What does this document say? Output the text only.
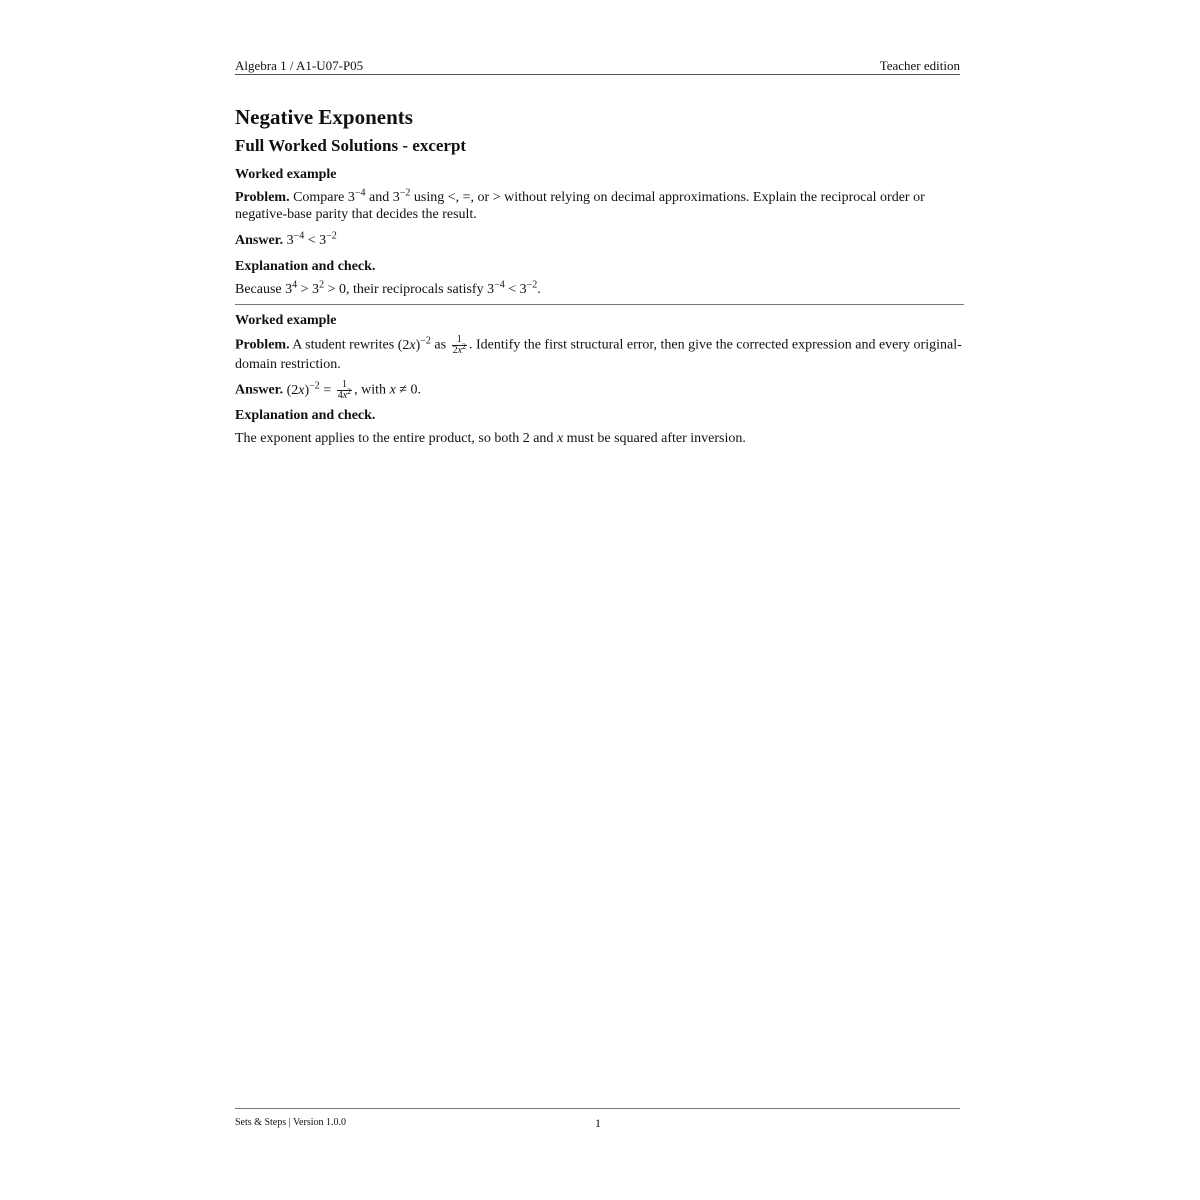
Algebra 1 / A1-U07-P05	Teacher edition
Negative Exponents
Full Worked Solutions - excerpt
Worked example

Problem. Compare $3^{-4}$ and $3^{-2}$ using <, =, or > without relying on decimal approximations. Explain the reciprocal order or negative-base parity that decides the result.

Answer. $3^{-4} < 3^{-2}$

Explanation and check.

Because $3^4 > 3^2 > 0$, their reciprocals satisfy $3^{-4} < 3^{-2}$.

Worked example

Problem. A student rewrites $(2x)^{-2}$ as $\frac{1}{2x^2}$ . Identify the first structural error, then give the corrected expression and every original-domain restriction.

Answer. $(2x)^{-2} = \frac{1}{4x^2}$ , with x ≠ 0.

Explanation and check.

The exponent applies to the entire product, so both 2 and x must be squared after inversion.

Sets & Steps | Version 1.0.0	1
